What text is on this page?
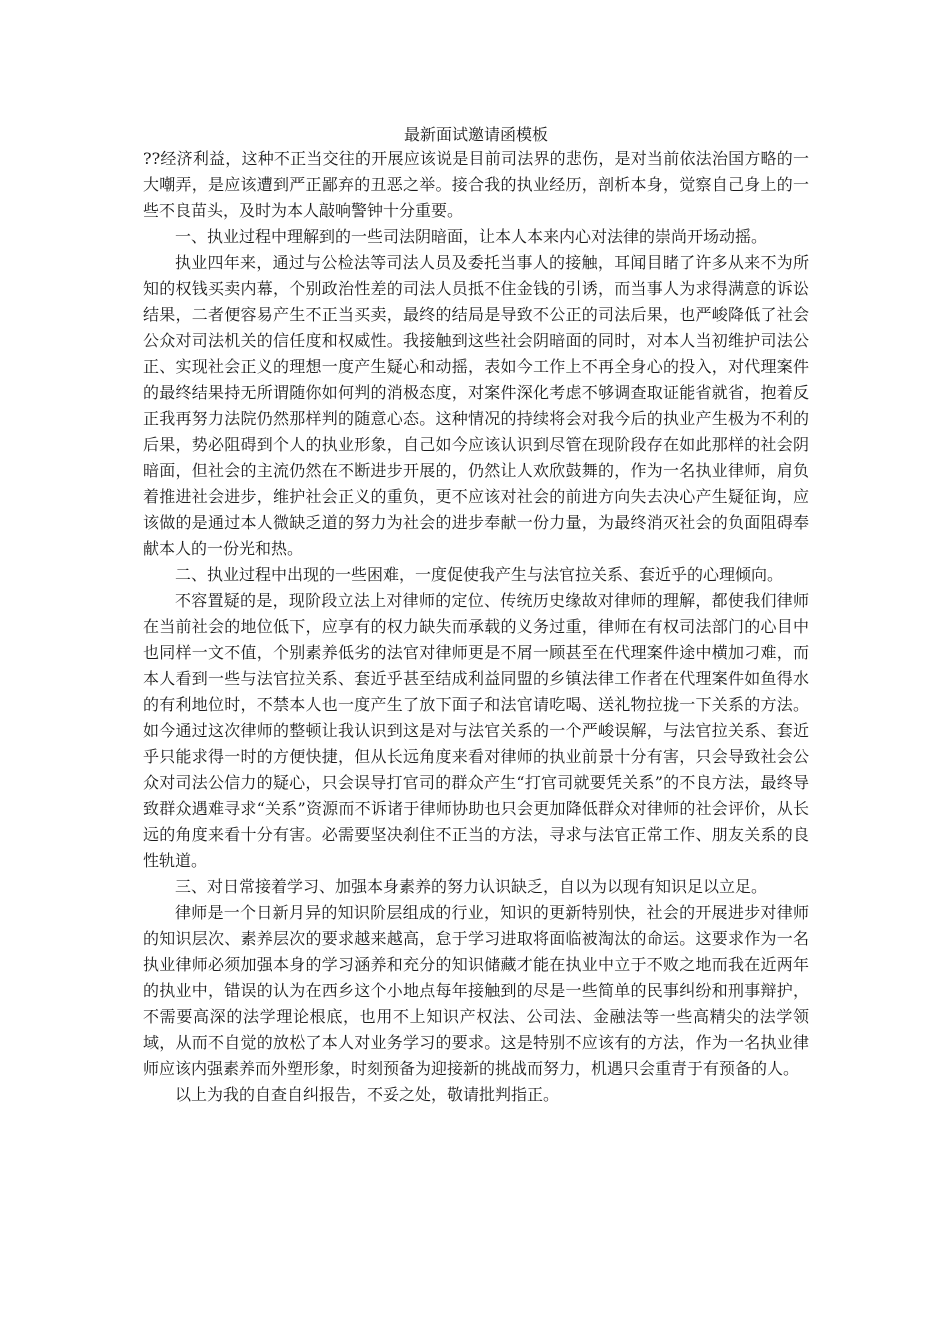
最新面试邀请函模板

??经济利益，这种不正当交往的开展应该说是目前司法界的悲伤，是对当前依法治国方略的一大嘲弄，是应该遭到严正鄙弃的丑恶之举。接合我的执业经历，剖析本身，觉察自己身上的一些不良苗头，及时为本人敲响警钟十分重要。

一、执业过程中理解到的一些司法阴暗面，让本人本来内心对法律的崇尚开场动摇。

执业四年来，通过与公检法等司法人员及委托当事人的接触，耳闻目睹了许多从来不为所知的权钱买卖内幕，个别政治性差的司法人员抵不住金钱的引诱，而当事人为求得满意的诉讼结果，二者便容易产生不正当买卖，最终的结局是导致不公正的司法后果，也严峻降低了社会公众对司法机关的信任度和权威性。我接触到这些社会阴暗面的同时，对本人当初维护司法公正、实现社会正义的理想一度产生疑心和动摇，表如今工作上不再全身心的投入，对代理案件的最终结果持无所谓随你如何判的消极态度，对案件深化考虑不够调查取证能省就省，抱着反正我再努力法院仍然那样判的随意心态。这种情况的持续将会对我今后的执业产生极为不利的后果，势必阻碍到个人的执业形象，自己如今应该认识到尽管在现阶段存在如此那样的社会阴暗面，但社会的主流仍然在不断进步开展的，仍然让人欢欣鼓舞的，作为一名执业律师，肩负着推进社会进步，维护社会正义的重负，更不应该对社会的前进方向失去决心产生疑征询，应该做的是通过本人微缺乏道的努力为社会的进步奉献一份力量，为最终消灭社会的负面阻碍奉献本人的一份光和热。

二、执业过程中出现的一些困难，一度促使我产生与法官拉关系、套近乎的心理倾向。

不容置疑的是，现阶段立法上对律师的定位、传统历史缘故对律师的理解，都使我们律师在当前社会的地位低下，应享有的权力缺失而承载的义务过重，律师在有权司法部门的心目中也同样一文不值，个别素养低劣的法官对律师更是不屑一顾甚至在代理案件途中横加刁难，而本人看到一些与法官拉关系、套近乎甚至结成利益同盟的乡镇法律工作者在代理案件如鱼得水的有利地位时，不禁本人也一度产生了放下面子和法官请吃喝、送礼物拉拢一下关系的方法。如今通过这次律师的整顿让我认识到这是对与法官关系的一个严峻误解，与法官拉关系、套近乎只能求得一时的方便快捷，但从长远角度来看对律师的执业前景十分有害，只会导致社会公众对司法公信力的疑心，只会误导打官司的群众产生“打官司就要凭关系”的不良方法，最终导致群众遇难寻求“关系”资源而不诉诸于律师协助也只会更加降低群众对律师的社会评价，从长远的角度来看十分有害。必需要坚决刹住不正当的方法，寻求与法官正常工作、朋友关系的良性轨道。

三、对日常接着学习、加强本身素养的努力认识缺乏，自以为以现有知识足以立足。

律师是一个日新月异的知识阶层组成的行业，知识的更新特别快，社会的开展进步对律师的知识层次、素养层次的要求越来越高，怠于学习进取将面临被淘汰的命运。这要求作为一名执业律师必须加强本身的学习涵养和充分的知识储藏才能在执业中立于不败之地而我在近两年的执业中，错误的认为在西乡这个小地点每年接触到的尽是一些简单的民事纠纷和刑事辩护，不需要高深的法学理论根底，也用不上知识产权法、公司法、金融法等一些高精尖的法学领域，从而不自觉的放松了本人对业务学习的要求。这是特别不应该有的方法，作为一名执业律师应该内强素养而外塑形象，时刻预备为迎接新的挑战而努力，机遇只会重青于有预备的人。

以上为我的自查自纠报告，不妥之处，敬请批判指正。
